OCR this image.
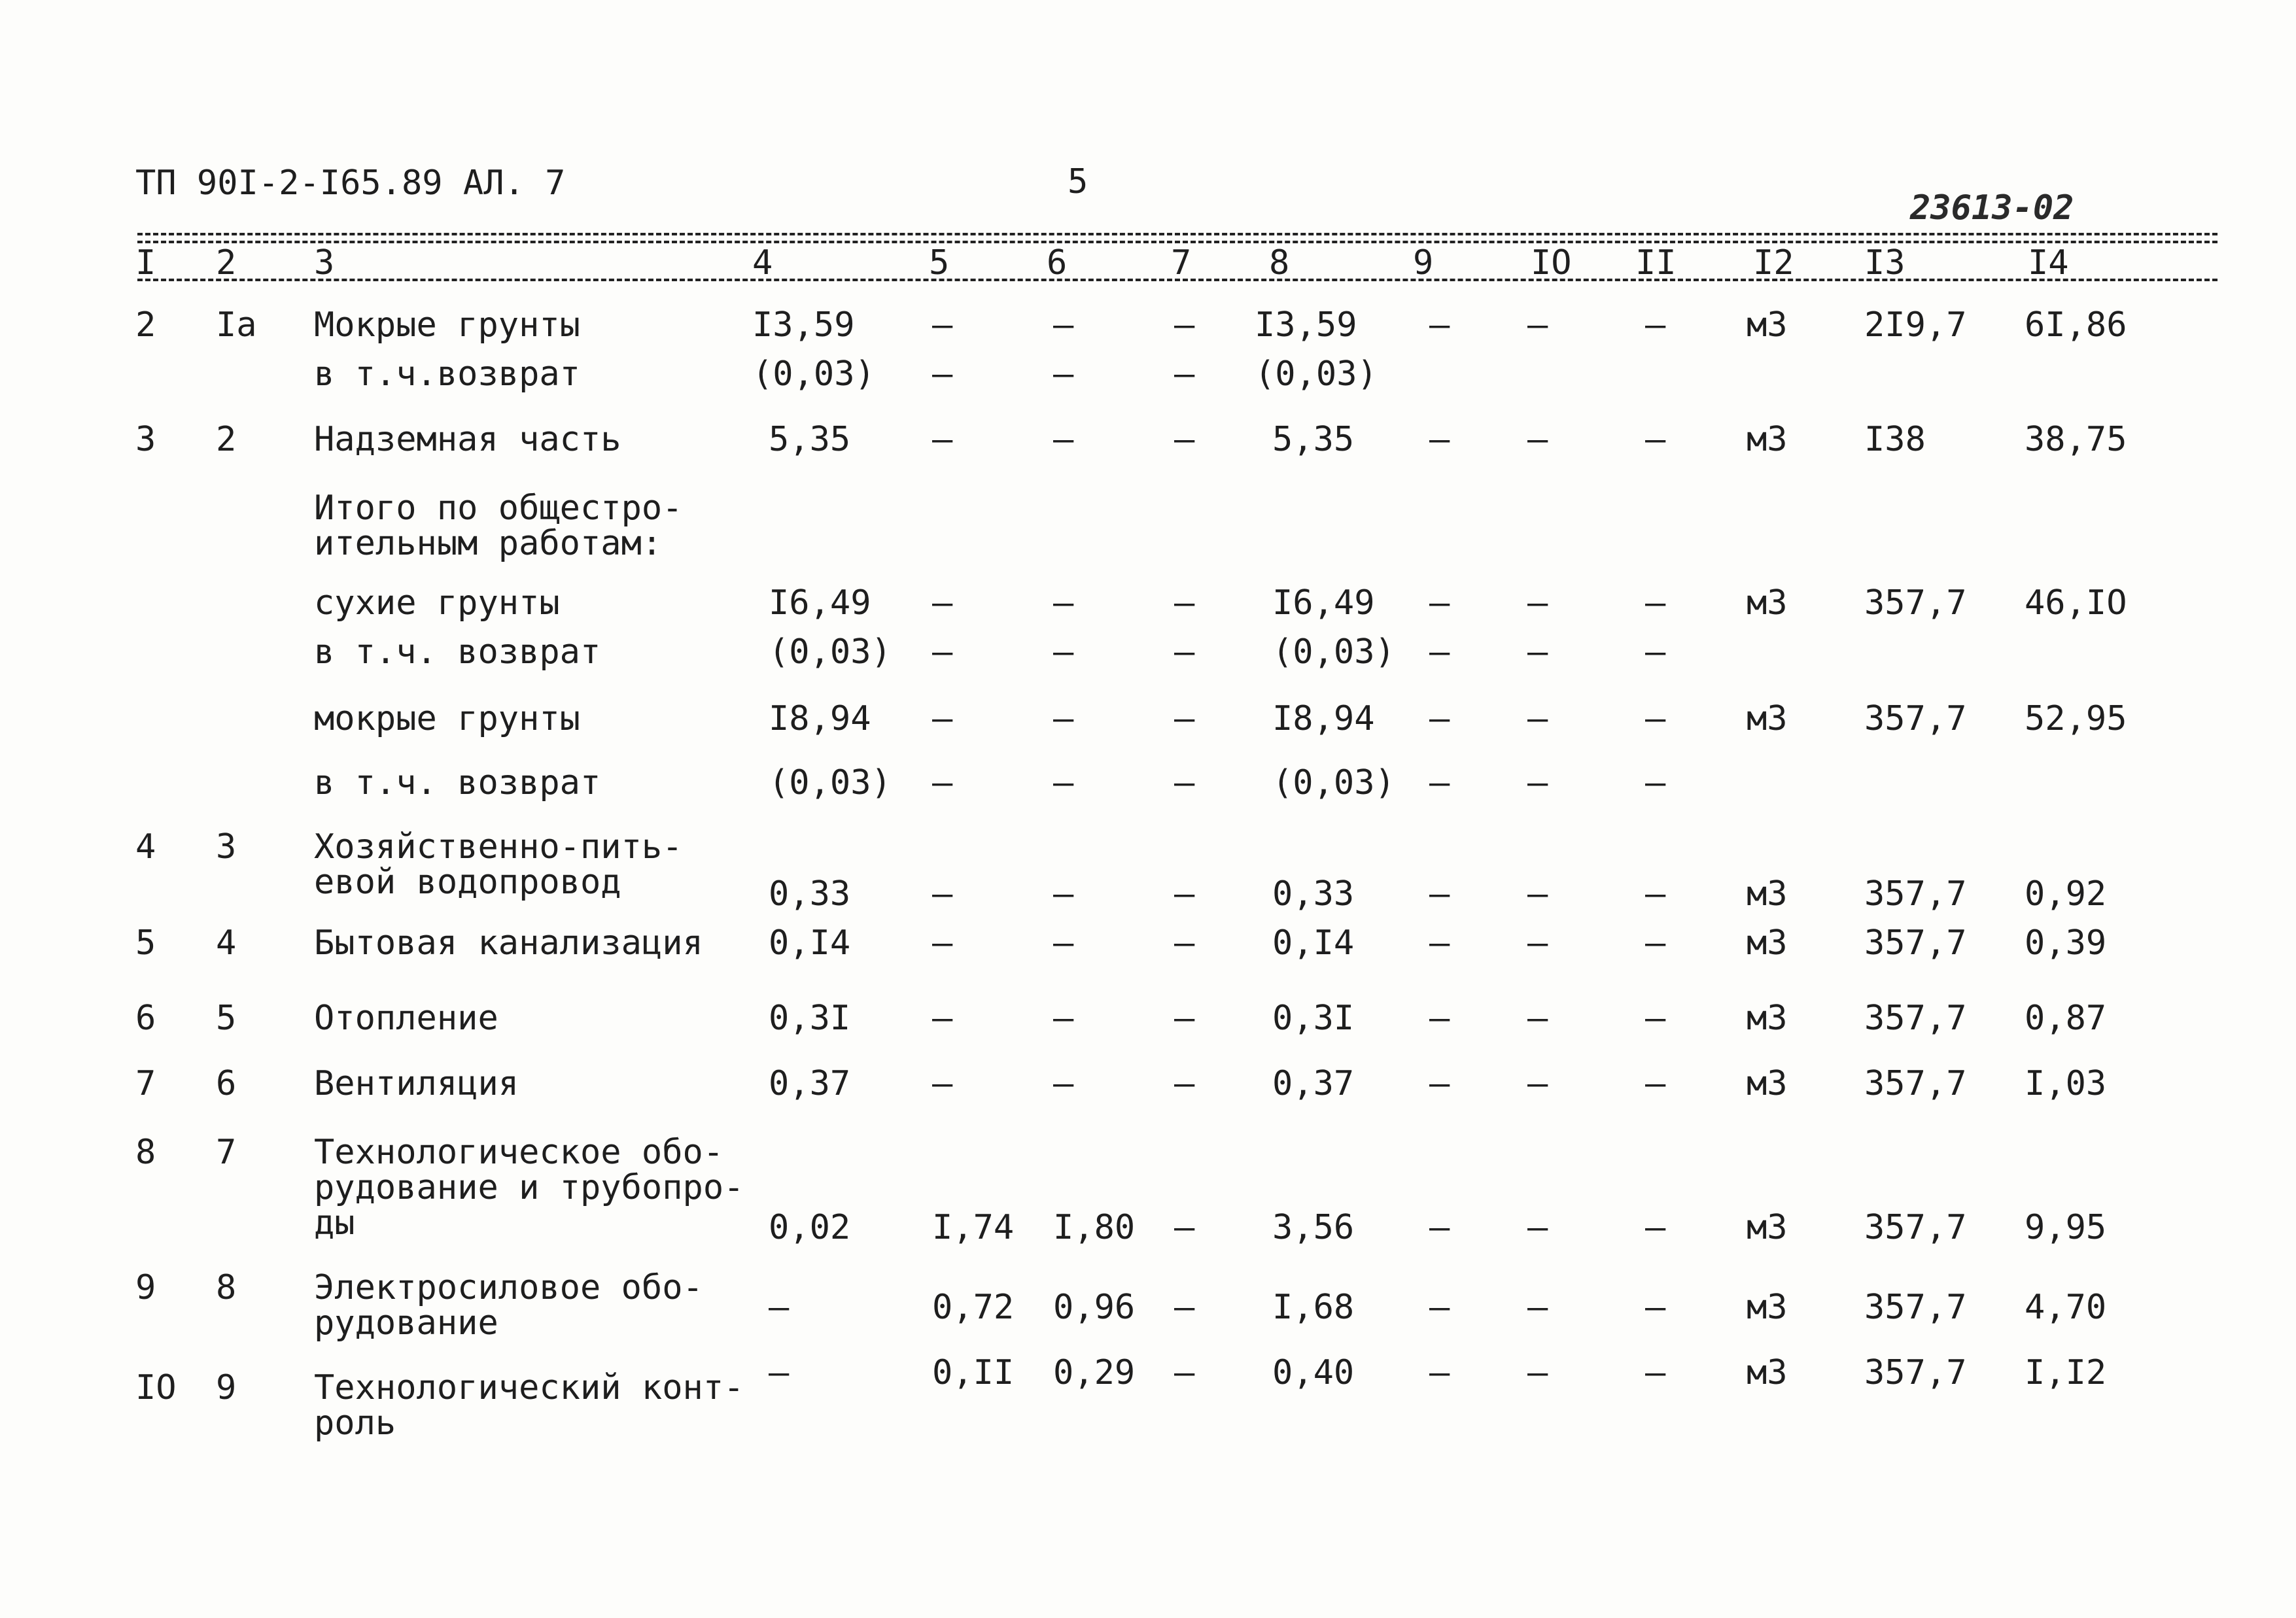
ТП 90I-2-I65.89 АЛ. 7	5
23613-02
I 2 3	4	5	6	7 8	9	IO II I2 I3	I4
2 Iа Мокрые грунты	I3,59 –	–	– I3,59 – –	– м3 2I9,7 6I,86
в т.ч.возврат	(0,03) –	–	– (0,03)
3 2 Надземная часть	5,35 –	–	– 5,35 – –	– м3 I38	38,75
Итого по общестро-
ительным работам:
сухие грунты	I6,49 –	–	– I6,49 – –	– м3 357,7 46,IO
в т.ч. возврат	(0,03) –	–	– (0,03) – –	–
мокрые грунты	I8,94 –	–	– I8,94 – –	– м3 357,7 52,95
в т.ч. возврат	(0,03) –	–	– (0,03) – –	–
4 3 Хозяйственно-пить-
евой водопровод	0,33 –	–	– 0,33 – –	– м3 357,7 0,92
5 4 Бытовая канализация 0,I4 –	–	– 0,I4 – –	– м3 357,7 0,39
6 5 Отопление	0,3I –	–	– 0,3I – –	– м3 357,7 0,87
7 6 Вентиляция	0,37 –	–	– 0,37 – –	– м3 357,7 I,03
8 7 Технологическое обо-
рудование и трубопро-
ды	0,02 I,74 I,80 – 3,56 – –	– м3 357,7 9,95
9 8 Электросиловое обо-
рудование	–	0,72 0,96 – I,68 – –	– м3 357,7 4,70
IO 9 Технологический конт-
роль
–	0,II 0,29 – 0,40 – –	– м3 357,7 I,I2
